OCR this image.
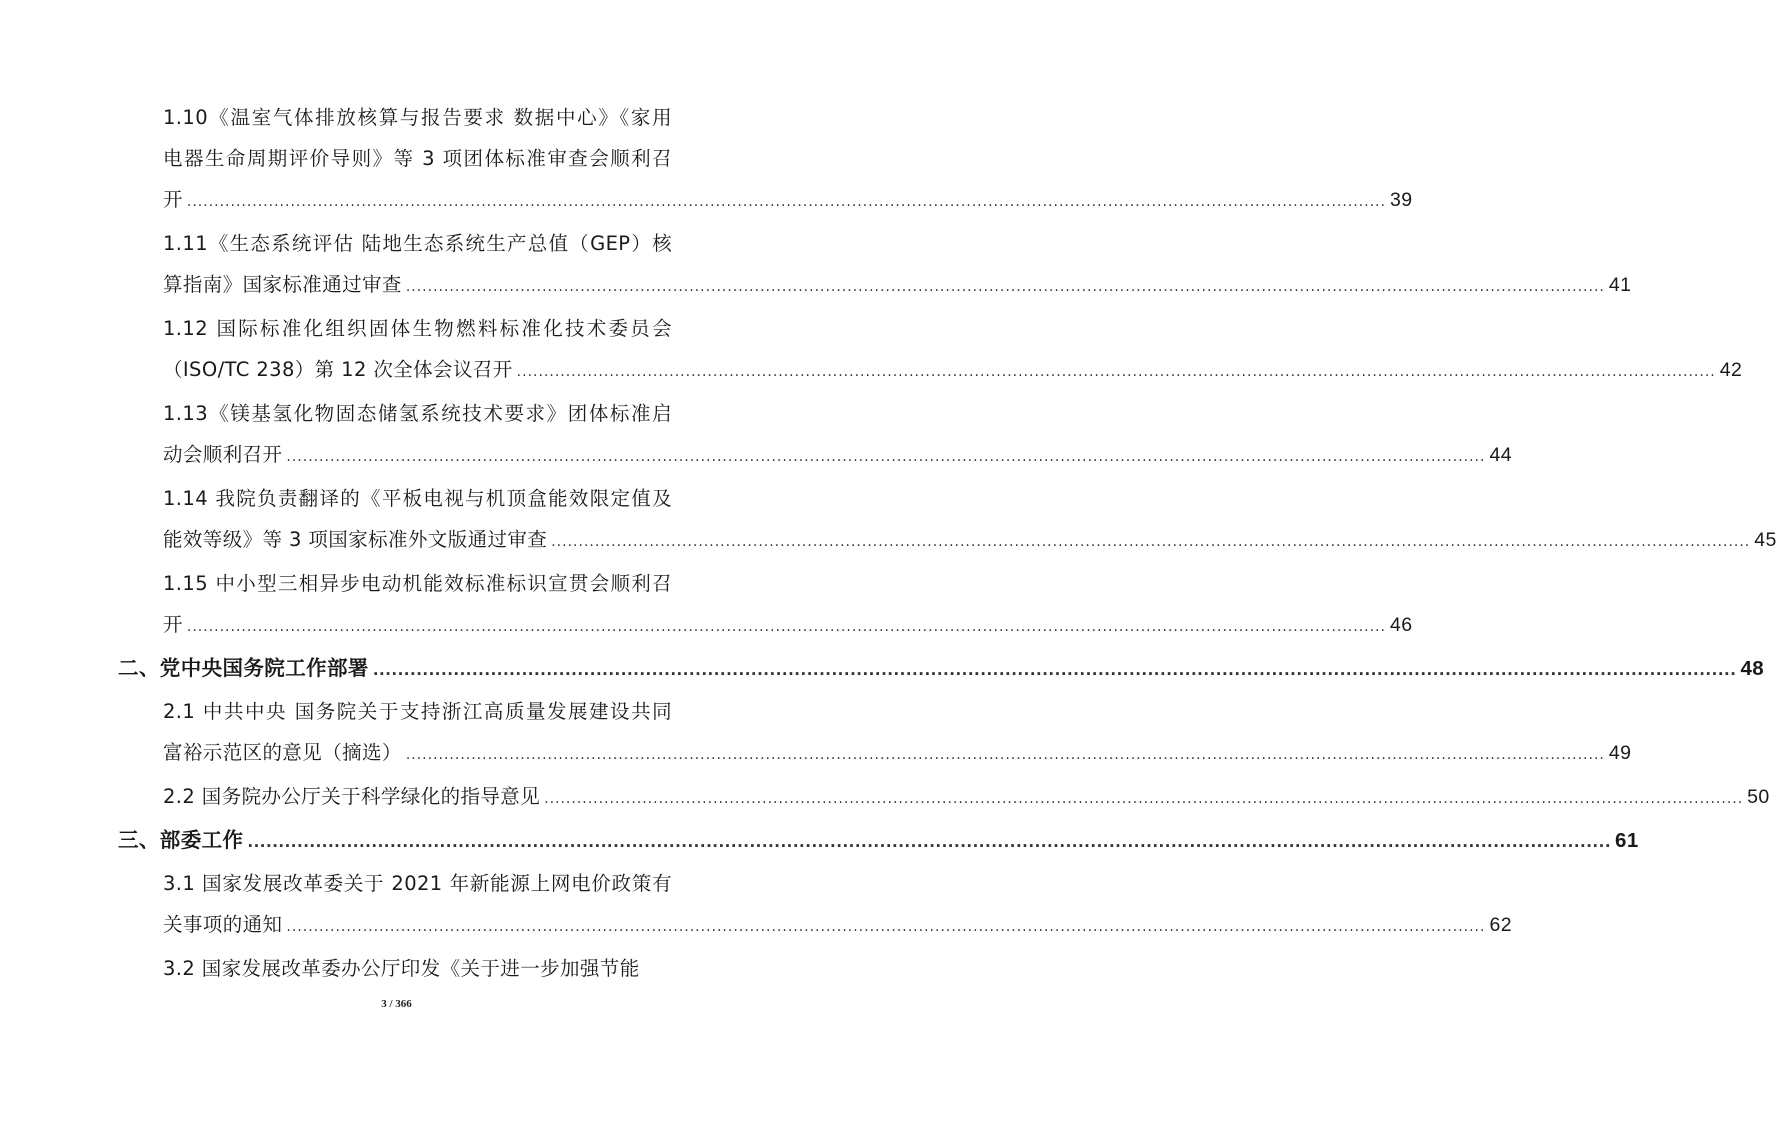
1.10《温室气体排放核算与报告要求 数据中心》《家用
电器生命周期评价导则》等 3 项团体标准审查会顺利召
开 ............................................................................................................................................................................................................................ 39
1.11《生态系统评估 陆地生态系统生产总值（GEP）核
算指南》国家标准通过审查 ............................................................................................................................................................................................................................ 41
1.12 国际标准化组织固体生物燃料标准化技术委员会
（ISO/TC 238）第 12 次全体会议召开 ............................................................................................................................................................................................................................ 42
1.13《镁基氢化物固态储氢系统技术要求》团体标准启
动会顺利召开 ............................................................................................................................................................................................................................ 44
1.14 我院负责翻译的《平板电视与机顶盒能效限定值及
能效等级》等 3 项国家标准外文版通过审查 ............................................................................................................................................................................................................................ 45
1.15 中小型三相异步电动机能效标准标识宣贯会顺利召
开 ............................................................................................................................................................................................................................ 46
二、党中央国务院工作部署 ............................................................................................................................................................................................................................ 48
2.1 中共中央 国务院关于支持浙江高质量发展建设共同
富裕示范区的意见（摘选） ............................................................................................................................................................................................................................ 49
2.2 国务院办公厅关于科学绿化的指导意见 ............................................................................................................................................................................................................................ 50
三、部委工作 ............................................................................................................................................................................................................................ 61
3.1 国家发展改革委关于 2021 年新能源上网电价政策有
关事项的通知 ............................................................................................................................................................................................................................ 62
3.2 国家发展改革委办公厅印发《关于进一步加强节能
3 / 366
